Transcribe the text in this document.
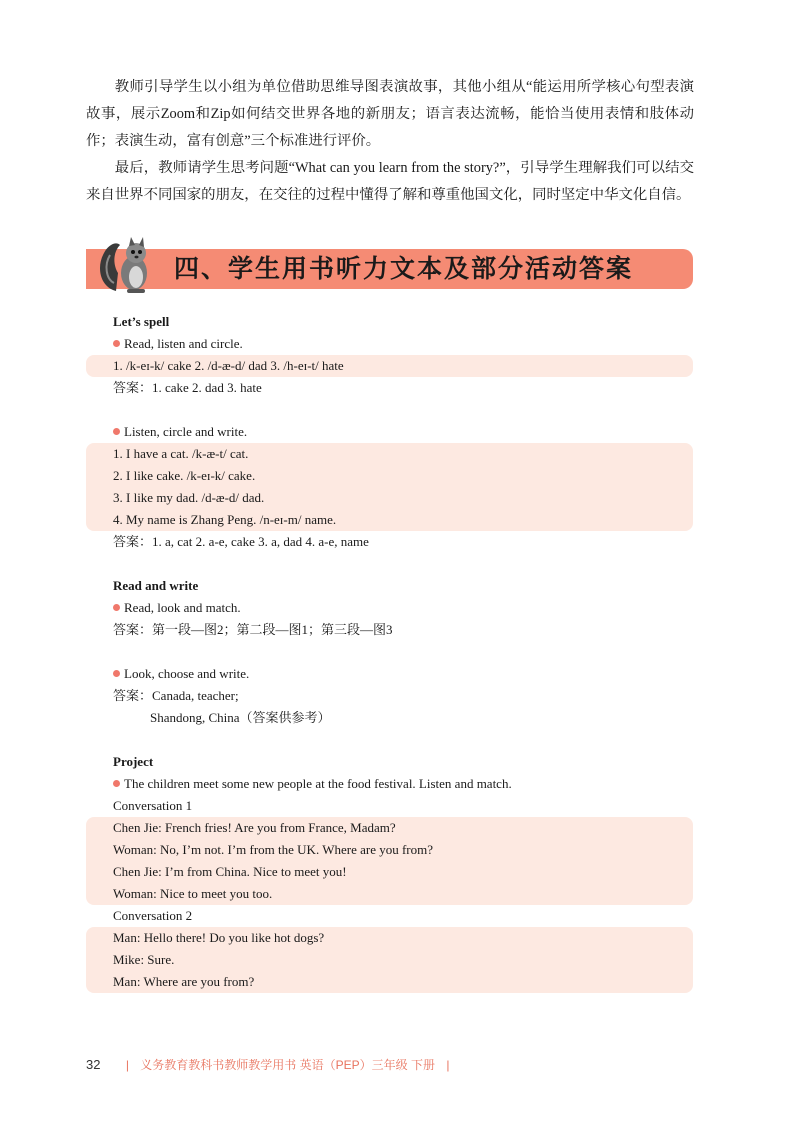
教师引导学生以小组为单位借助思维导图表演故事，其他小组从“能运用所学核心句型表演故事，展示Zoom和Zip如何结交世界各地的新朋友；语言表达流畅，能恰当使用表情和肢体动作；表演生动，富有创意”三个标准进行评价。

最后，教师请学生思考问题“What can you learn from the story?”，引导学生理解我们可以结交来自世界不同国家的朋友，在交往的过程中懂得了解和尊重他国文化，同时坚定中华文化自信。

四、学生用书听力文本及部分活动答案
Let’s spell
Read, listen and circle.
1. /k-eɪ-k/ cake 2. /d-æ-d/ dad 3. /h-eɪ-t/ hate
答案：1. cake 2. dad 3. hate
Listen, circle and write.
1. I have a cat. /k-æ-t/ cat.
2. I like cake. /k-eɪ-k/ cake.
3. I like my dad. /d-æ-d/ dad.
4. My name is Zhang Peng. /n-eɪ-m/ name.
答案：1. a, cat 2. a-e, cake 3. a, dad 4. a-e, name
Read and write
Read, look and match.
答案：第一段—图2；第二段—图1；第三段—图3
Look, choose and write.
答案：Canada, teacher;
Shandong, China（答案供参考）
Project
The children meet some new people at the food festival. Listen and match.
Conversation 1
Chen Jie: French fries! Are you from France, Madam?
Woman: No, I’m not. I’m from the UK. Where are you from?
Chen Jie: I’m from China. Nice to meet you!
Woman: Nice to meet you too.
Conversation 2
Man: Hello there! Do you like hot dogs?
Mike: Sure.
Man: Where are you from?
32 | 义务教育教科书教师教学用书 英语（PEP）三年级 下册 |
